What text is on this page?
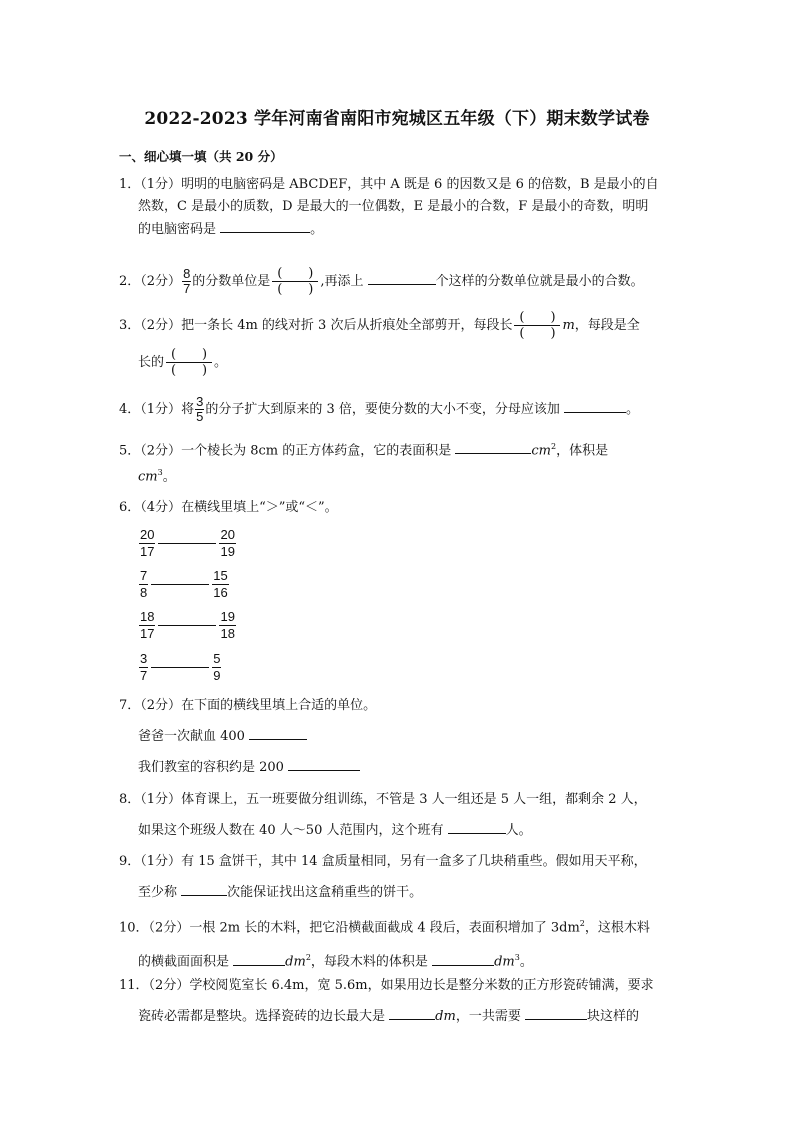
2022-2023 学年河南省南阳市宛城区五年级（下）期末数学试卷
一、细心填一填（共 20 分）
1．（1分）明明的电脑密码是 ABCDEF，其中 A 既是 6 的因数又是 6 的倍数，B 是最小的自
然数，C 是最小的质数，D 是最大的一位偶数，E 是最小的合数，F 是最小的奇数，明明
的电脑密码是	。
2．（2分） $\frac{8}{7}$ 的分数单位是
(　　)
(　　)
,再添上	个这样的分数单位就是最小的合数。
3．（2分）把一条长 4m 的线对折 3 次后从折痕处全部剪开，每段长
(　　)
(　　)
m，每段是全
长的
(　　)
(　　)
。
4．（1分）将 $\frac{3}{5}$ 的分子扩大到原来的 3 倍，要使分数的大小不变，分母应该加	。
5．（2分）一个棱长为 8cm 的正方体药盒，它的表面积是	$cm^2$，体积是
$cm^3$。
6．（4分）在横线里填上“＞”或“＜”。
$\frac{20}{17}$	$\frac{20}{19}$
$\frac{7}{8}$	$\frac{15}{16}$
$\frac{18}{17}$	$\frac{19}{18}$
$\frac{3}{7}$	$\frac{5}{9}$
7．（2分）在下面的横线里填上合适的单位。
爸爸一次献血 400
我们教室的容积约是 200
8．（1分）体育课上，五一班要做分组训练，不管是 3 人一组还是 5 人一组，都剩余 2 人，
如果这个班级人数在 40 人～50 人范围内，这个班有	人。
9．（1分）有 15 盒饼干，其中 14 盒质量相同，另有一盒多了几块稍重些。假如用天平称，
至少称	次能保证找出这盒稍重些的饼干。
10．（2分）一根 2m 长的木料，把它沿横截面截成 4 段后，表面积增加了 $3dm^2$，这根木料
的横截面面积是	$dm^2$，每段木料的体积是	$dm^3$。
11．（2分）学校阅览室长 6.4m，宽 5.6m，如果用边长是整分米数的正方形瓷砖铺满，要求
瓷砖必需都是整块。选择瓷砖的边长最大是	dm，一共需要	块这样的
